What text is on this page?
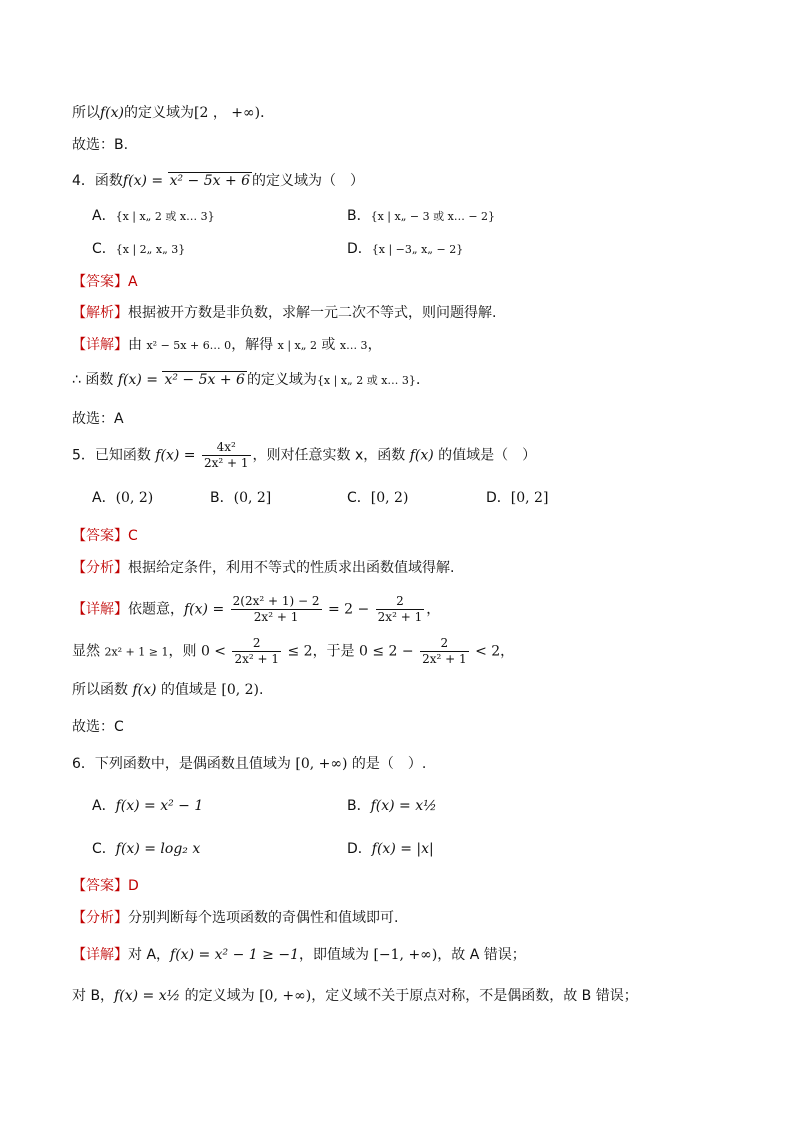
所以f(x)的定义域为[2 ， +∞)．
故选：B.
4．函数f(x) = x² − 5x + 6 的定义域为（　）
A．{x | x„ 2 或 x… 3}	B．{x | x„ − 3 或 x… − 2}
C．{x | 2„ x„ 3}	D．{x | −3„ x„ − 2}
【答案】A
【解析】根据被开方数是非负数，求解一元二次不等式，则问题得解.
【详解】由 x² − 5x + 6… 0，解得 x | x„ 2 或 x… 3，
∴ 函数 f(x) = x² − 5x + 6 的定义域为{x | x„ 2 或 x… 3}．
故选：A
5．已知函数 $f(x) = \frac{\text{4x²}}{\text{2x² + 1}}$ ，则对任意实数 x，函数 f(x) 的值域是（　）
A．(0, 2)	B．(0, 2]	C．[0, 2)	D．[0, 2]
【答案】C
【分析】根据给定条件，利用不等式的性质求出函数值域得解.
【详解】依题意，$f(x) = \frac{\text{2(2x² + 1) − 2}}{\text{2x² + 1}} = 2 - \frac{2}{\text{2x² + 1}}$ ，
显然 2x² + 1 ≥ 1，则 $0 < \frac{2}{\text{2x² + 1}} \le 2$，于是 $0 \le 2 - \frac{2}{\text{2x² + 1}} < 2$，
所以函数 f(x) 的值域是 [0, 2).
故选：C
6．下列函数中，是偶函数且值域为 [0, +∞) 的是（　）.
A．f(x) = x² − 1	B．f(x) = x½
C．f(x) = log₂ x	D．f(x) = |x|
【答案】D
【分析】分别判断每个选项函数的奇偶性和值域即可.
【详解】对 A，f(x) = x² − 1 ≥ −1，即值域为 [−1, +∞)，故 A 错误；
对 B，f(x) = x½ 的定义域为 [0, +∞)，定义域不关于原点对称，不是偶函数，故 B 错误；
